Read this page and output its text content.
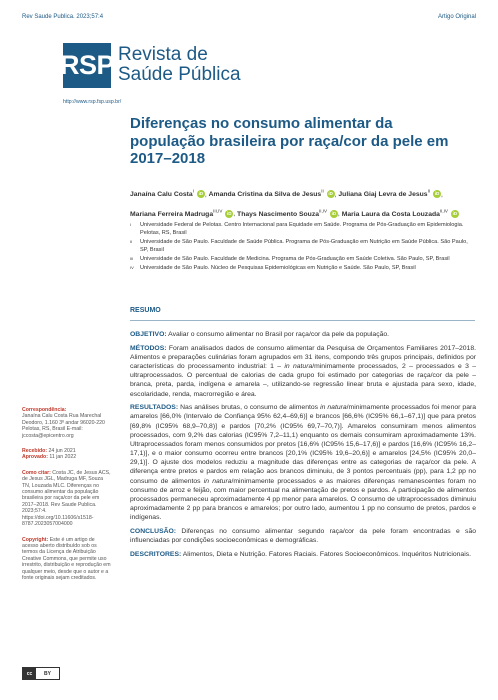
Rev Saude Publica. 2023;57:4	Artigo Original
RSP Revista de
Saúde Pública
http://www.rsp.fsp.usp.br/
Diferenças no consumo alimentar da população brasileira por raça/cor da pele em 2017–2018
Janaína Calu Costa$^I$ iD , Amanda Cristina da Silva de Jesus$^{II}$ iD , Juliana Giaj Levra de Jesus$^{II}$ iD ,
Mariana Ferreira Madruga$^{III,IV}$ iD , Thays Nascimento Souza$^{II,IV}$ iD , Maria Laura da Costa Louzada$^{II,IV}$ iD
I Universidade Federal de Pelotas. Centro Internacional para Equidade em Saúde. Programa de Pós-Graduação em Epidemiologia. Pelotas, RS, Brasil
II Universidade de São Paulo. Faculdade de Saúde Pública. Programa de Pós-Graduação em Nutrição em Saúde Pública. São Paulo, SP, Brasil
III Universidade de São Paulo. Faculdade de Medicina. Programa de Pós-Graduação em Saúde Coletiva. São Paulo, SP, Brasil
IV Universidade de São Paulo. Núcleo de Pesquisas Epidemiológicas em Nutrição e Saúde. São Paulo, SP, Brasil
RESUMO

OBJETIVO: Avaliar o consumo alimentar no Brasil por raça/cor da pele da população.

MÉTODOS: Foram analisados dados de consumo alimentar da Pesquisa de Orçamentos Familiares 2017–2018. Alimentos e preparações culinárias foram agrupados em 31 itens, compondo três grupos principais, definidos por características do processamento industrial: 1 – in natura/minimamente processados, 2 – processados e 3 – ultraprocessados. O percentual de calorias de cada grupo foi estimado por categorias de raça/cor da pele – branca, preta, parda, indígena e amarela –, utilizando-se regressão linear bruta e ajustada para sexo, idade, escolaridade, renda, macrorregião e área.

RESULTADOS: Nas análises brutas, o consumo de alimentos in natura/minimamente processados foi menor para amarelos [66,0% (Intervalo de Confiança 95% 62,4–69,6)] e brancos [66,6% (IC95% 66,1–67,1)] que para pretos [69,8% (IC95% 68,9–70,8)] e pardos [70,2% (IC95% 69,7–70,7)]. Amarelos consumiram menos alimentos processados, com 9,2% das calorias (IC95% 7,2–11,1) enquanto os demais consumiram aproximadamente 13%. Ultraprocessados foram menos consumidos por pretos [16,6% (IC95% 15,6–17,6)] e pardos [16,6% (IC95% 16,2–17,1)], e o maior consumo ocorreu entre brancos [20,1% (IC95% 19,6–20,6)] e amarelos [24,5% (IC95% 20,0–29,1)]. O ajuste dos modelos reduziu a magnitude das diferenças entre as categorias de raça/cor da pele. A diferença entre pretos e pardos em relação aos brancos diminuiu, de 3 pontos percentuais (pp), para 1,2 pp no consumo de alimentos in natura/minimamente processados e as maiores diferenças remanescentes foram no consumo de arroz e feijão, com maior percentual na alimentação de pretos e pardos. A participação de alimentos processados permaneceu aproximadamente 4 pp menor para amarelos. O consumo de ultraprocessados diminuiu aproximadamente 2 pp para brancos e amarelos; por outro lado, aumentou 1 pp no consumo de pretos, pardos e indígenas.

CONCLUSÃO: Diferenças no consumo alimentar segundo raça/cor da pele foram encontradas e são influenciadas por condições socioeconômicas e demográficas.

DESCRITORES: Alimentos, Dieta e Nutrição. Fatores Raciais. Fatores Socioeconômicos. Inquéritos Nutricionais.

Correspondência:
Janaína Calu Costa Rua Marechal Deodoro, 1.160 3º andar 96020-220 Pelotas, RS, Brasil E-mail: jccosta@epicentro.org
Recebido: 24 jun 2021
Aprovado: 11 jan 2022
Como citar: Costa JC, de Jesus ACS, de Jesus JGL, Madruga MF, Souza TN, Louzada MLC. Diferenças no consumo alimentar da população brasileira por raça/cor da pele em 2017–2018. Rev Saude Publica. 2023;57:4. https://doi.org/10.11606/s1518-8787.2023057004000
Copyright: Este é um artigo de acesso aberto distribuído sob os termos da Licença de Atribuição Creative Commons, que permite uso irrestrito, distribuição e reprodução em qualquer meio, desde que o autor e a fonte originais sejam creditados.
cc	BY
